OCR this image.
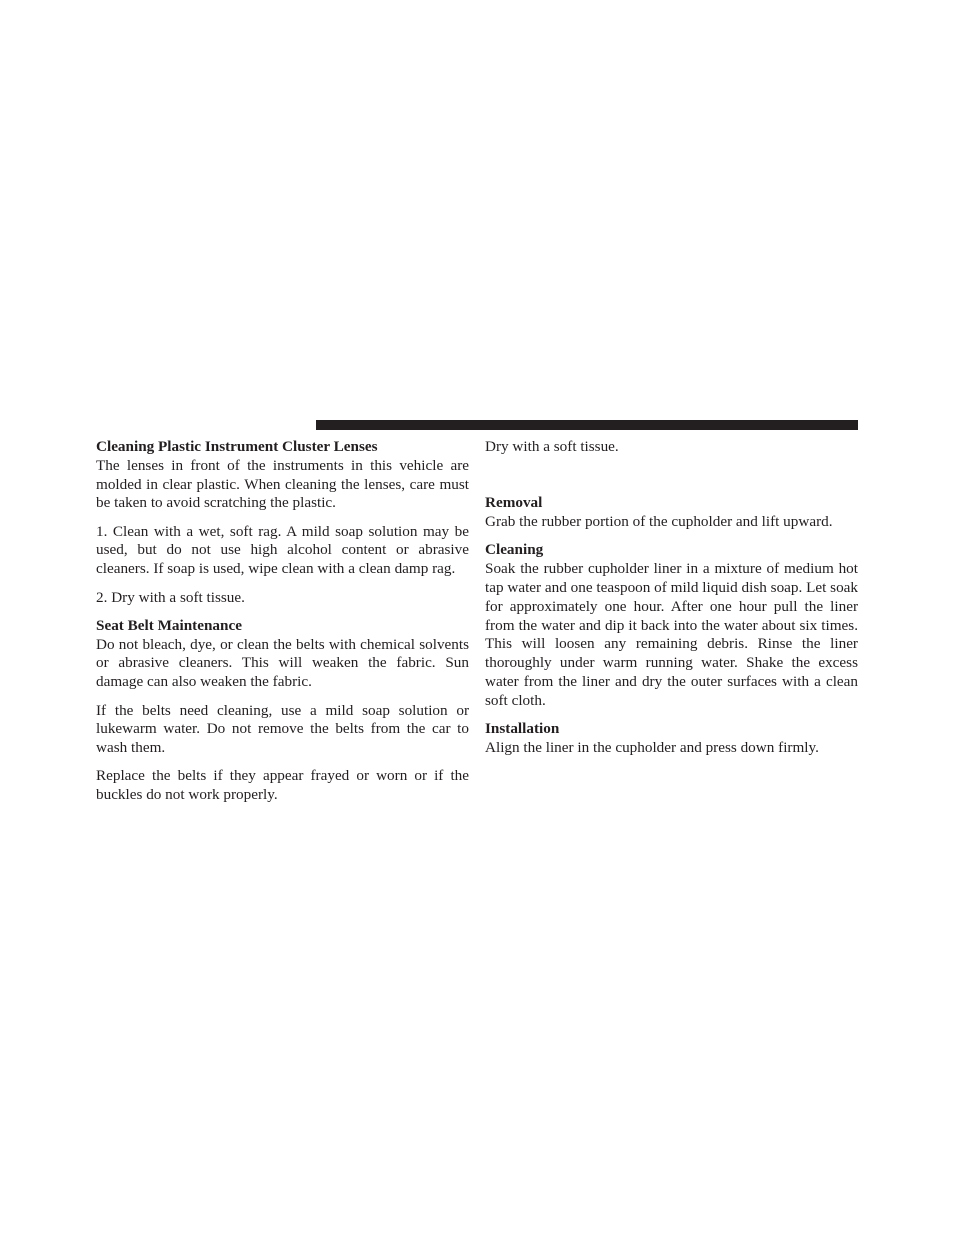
Cleaning Plastic Instrument Cluster Lenses

The lenses in front of the instruments in this vehicle are molded in clear plastic. When cleaning the lenses, care must be taken to avoid scratching the plastic.

1. Clean with a wet, soft rag. A mild soap solution may be used, but do not use high alcohol content or abrasive cleaners. If soap is used, wipe clean with a clean damp rag.

2. Dry with a soft tissue.

Seat Belt Maintenance

Do not bleach, dye, or clean the belts with chemical solvents or abrasive cleaners. This will weaken the fabric. Sun damage can also weaken the fabric.

If the belts need cleaning, use a mild soap solution or lukewarm water. Do not remove the belts from the car to wash them.

Replace the belts if they appear frayed or worn or if the buckles do not work properly.

Dry with a soft tissue.

Removal

Grab the rubber portion of the cupholder and lift upward.

Cleaning

Soak the rubber cupholder liner in a mixture of medium hot tap water and one teaspoon of mild liquid dish soap. Let soak for approximately one hour. After one hour pull the liner from the water and dip it back into the water about six times. This will loosen any remaining debris. Rinse the liner thoroughly under warm running water. Shake the excess water from the liner and dry the outer surfaces with a clean soft cloth.

Installation

Align the liner in the cupholder and press down firmly.
